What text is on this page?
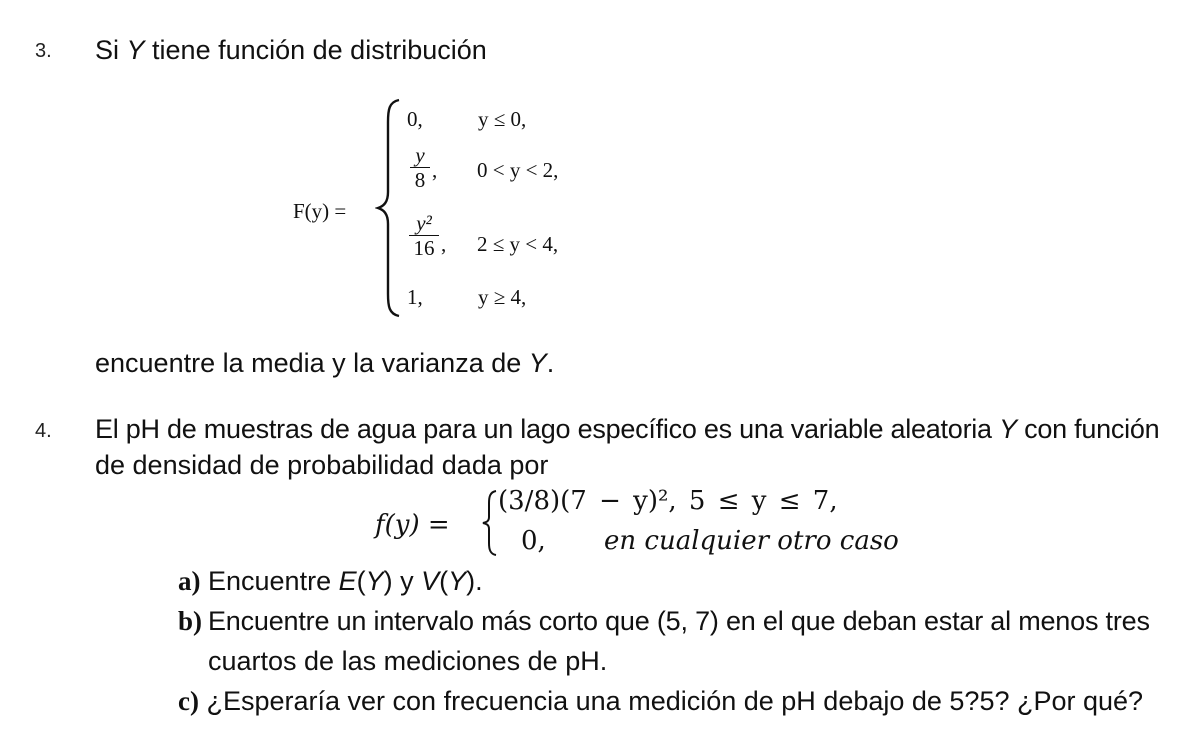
3. Si Y tiene función de distribución
F(y) =
0,	y ≤ 0,
y
8 , 0 < y < 2,
y²
16 , 2 ≤ y < 4,
1,	y ≥ 4,
encuentre la media y la varianza de Y.
4. El pH de muestras de agua para un lago específico es una variable aleatoria Y con función
de densidad de probabilidad dada por
f(y) =
(3/8)(7 − y)², 5 ≤ y ≤ 7,
0, en cualquier otro caso
a) Encuentre E(Y) y V(Y).
b) Encuentre un intervalo más corto que (5, 7) en el que deban estar al menos tres
cuartos de las mediciones de pH.
c) ¿Esperaría ver con frecuencia una medición de pH debajo de 5?5? ¿Por qué?
